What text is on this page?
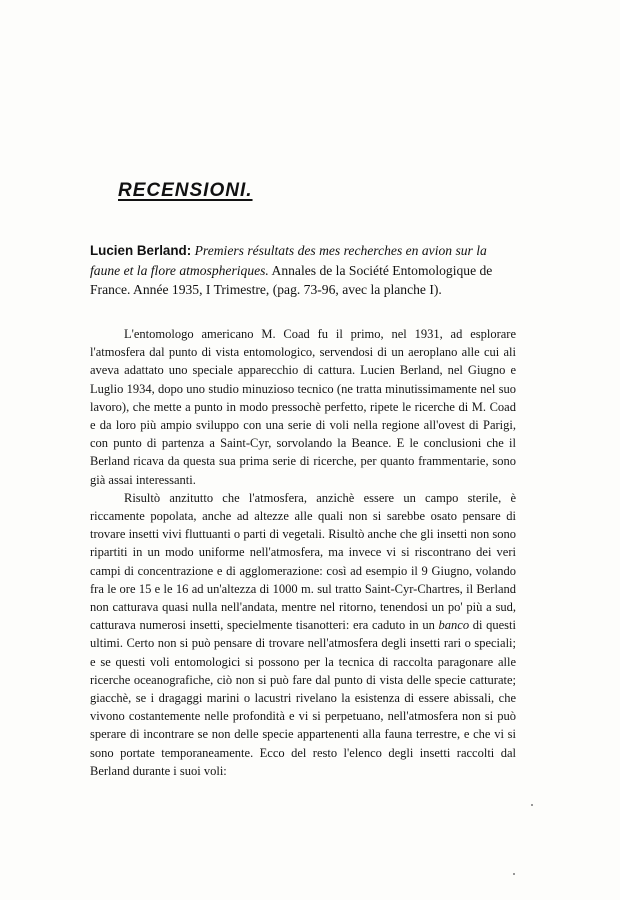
RECENSIONI.
Lucien Berland: Premiers résultats des mes recherches en avion sur la faune et la flore atmospheriques. Annales de la Société Entomologique de France. Année 1935, I Trimestre, (pag. 73-96, avec la planche I).

L'entomologo americano M. Coad fu il primo, nel 1931, ad esplorare l'atmosfera dal punto di vista entomologico, servendosi di un aeroplano alle cui ali aveva adattato uno speciale apparecchio di cattura. Lucien Berland, nel Giugno e Luglio 1934, dopo uno studio minuzioso tecnico (ne tratta minutissimamente nel suo lavoro), che mette a punto in modo pressochè perfetto, ripete le ricerche di M. Coad e da loro più ampio sviluppo con una serie di voli nella regione all'ovest di Parigi, con punto di partenza a Saint-Cyr, sorvolando la Beance. E le conclusioni che il Berland ricava da questa sua prima serie di ricerche, per quanto frammentarie, sono già assai interessanti.

Risultò anzitutto che l'atmosfera, anzichè essere un campo sterile, è riccamente popolata, anche ad altezze alle quali non si sarebbe osato pensare di trovare insetti vivi fluttuanti o parti di vegetali. Risultò anche che gli insetti non sono ripartiti in un modo uniforme nell'atmosfera, ma invece vi si riscontrano dei veri campi di concentrazione e di agglomerazione: così ad esempio il 9 Giugno, volando fra le ore 15 e le 16 ad un'altezza di 1000 m. sul tratto Saint-Cyr-Chartres, il Berland non catturava quasi nulla nell'andata, mentre nel ritorno, tenendosi un po' più a sud, catturava numerosi insetti, specielmente tisanotteri: era caduto in un banco di questi ultimi. Certo non si può pensare di trovare nell'atmosfera degli insetti rari o speciali; e se questi voli entomologici si possono per la tecnica di raccolta paragonare alle ricerche oceanografiche, ciò non si può fare dal punto di vista delle specie catturate; giacchè, se i dragaggi marini o lacustri rivelano la esistenza di essere abissali, che vivono costantemente nelle profondità e vi si perpetuano, nell'atmosfera non si può sperare di incontrare se non delle specie appartenenti alla fauna terrestre, e che vi si sono portate temporaneamente. Ecco del resto l'elenco degli insetti raccolti dal Berland durante i suoi voli:
